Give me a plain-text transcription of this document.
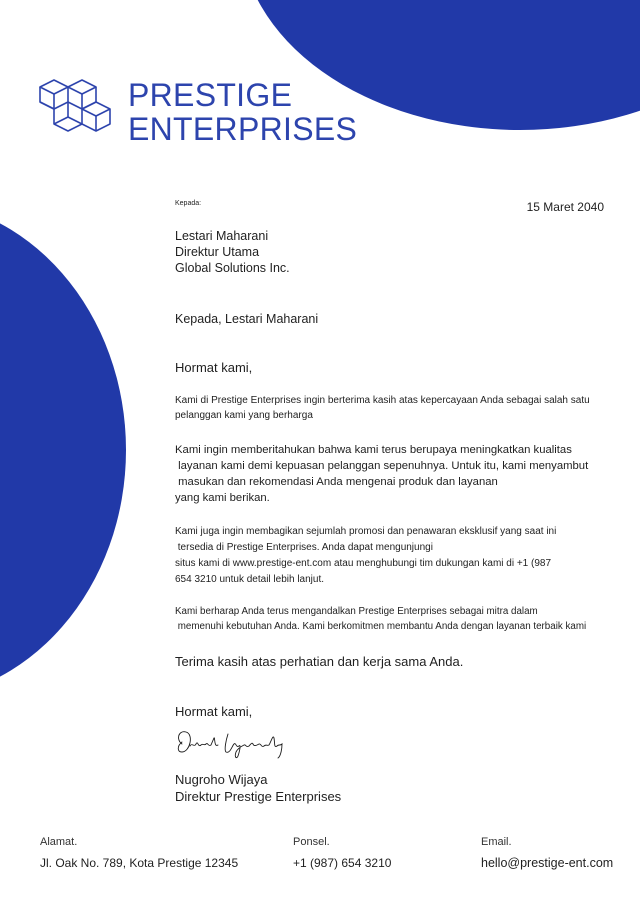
PRESTIGE
ENTERPRISES
Kepada:	15 Maret 2040
Lestari Maharani
Direktur Utama
Global Solutions Inc.
Kepada, Lestari Maharani
Hormat kami,
Kami di Prestige Enterprises ingin berterima kasih atas kepercayaan Anda sebagai salah satu
pelanggan kami yang berharga
Kami ingin memberitahukan bahwa kami terus berupaya meningkatkan kualitas
layanan kami demi kepuasan pelanggan sepenuhnya. Untuk itu, kami menyambut
masukan dan rekomendasi Anda mengenai produk dan layanan
yang kami berikan.
Kami juga ingin membagikan sejumlah promosi dan penawaran eksklusif yang saat ini
tersedia di Prestige Enterprises. Anda dapat mengunjungi
situs kami di www.prestige-ent.com atau menghubungi tim dukungan kami di +1 (987
654 3210 untuk detail lebih lanjut.
Kami berharap Anda terus mengandalkan Prestige Enterprises sebagai mitra dalam
memenuhi kebutuhan Anda. Kami berkomitmen membantu Anda dengan layanan terbaik kami
Terima kasih atas perhatian dan kerja sama Anda.
Hormat kami,
Nugroho Wijaya
Direktur Prestige Enterprises
Alamat.
Jl. Oak No. 789, Kota Prestige 12345
Ponsel.
+1 (987) 654 3210
Email.
hello@prestige-ent.com
